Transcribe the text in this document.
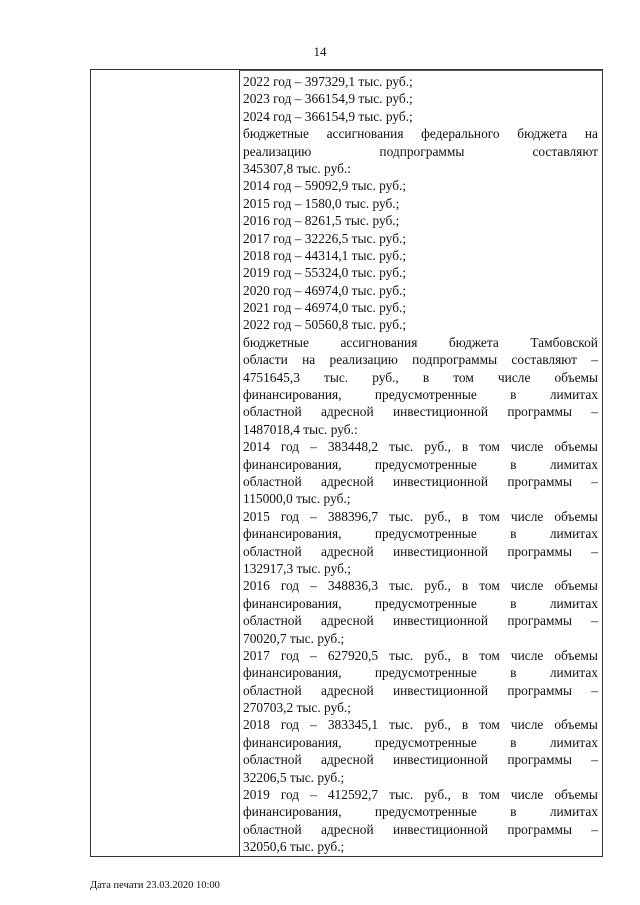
14
2022 год – 397329,1 тыс. руб.;
2023 год – 366154,9 тыс. руб.;
2024 год – 366154,9 тыс. руб.;
бюджетные ассигнования федерального бюджета на
реализацию	подпрограммы	составляют
345307,8 тыс. руб.:
2014 год – 59092,9 тыс. руб.;
2015 год – 1580,0 тыс. руб.;
2016 год – 8261,5 тыс. руб.;
2017 год – 32226,5 тыс. руб.;
2018 год – 44314,1 тыс. руб.;
2019 год – 55324,0 тыс. руб.;
2020 год – 46974,0 тыс. руб.;
2021 год – 46974,0 тыс. руб.;
2022 год – 50560,8 тыс. руб.;
бюджетные ассигнования бюджета Тамбовской
области на реализацию подпрограммы составляют –
4751645,3 тыс. руб., в том числе объемы
финансирования, предусмотренные в лимитах
областной адресной инвестиционной программы –
1487018,4 тыс. руб.:
2014 год – 383448,2 тыс. руб., в том числе объемы
финансирования, предусмотренные в лимитах
областной адресной инвестиционной программы –
115000,0 тыс. руб.;
2015 год – 388396,7 тыс. руб., в том числе объемы
финансирования, предусмотренные в лимитах
областной адресной инвестиционной программы –
132917,3 тыс. руб.;
2016 год – 348836,3 тыс. руб., в том числе объемы
финансирования, предусмотренные в лимитах
областной адресной инвестиционной программы –
70020,7 тыс. руб.;
2017 год – 627920,5 тыс. руб., в том числе объемы
финансирования, предусмотренные в лимитах
областной адресной инвестиционной программы –
270703,2 тыс. руб.;
2018 год – 383345,1 тыс. руб., в том числе объемы
финансирования, предусмотренные в лимитах
областной адресной инвестиционной программы –
32206,5 тыс. руб.;
2019 год – 412592,7 тыс. руб., в том числе объемы
финансирования, предусмотренные в лимитах
областной адресной инвестиционной программы –
32050,6 тыс. руб.;
Дата печати 23.03.2020 10:00
